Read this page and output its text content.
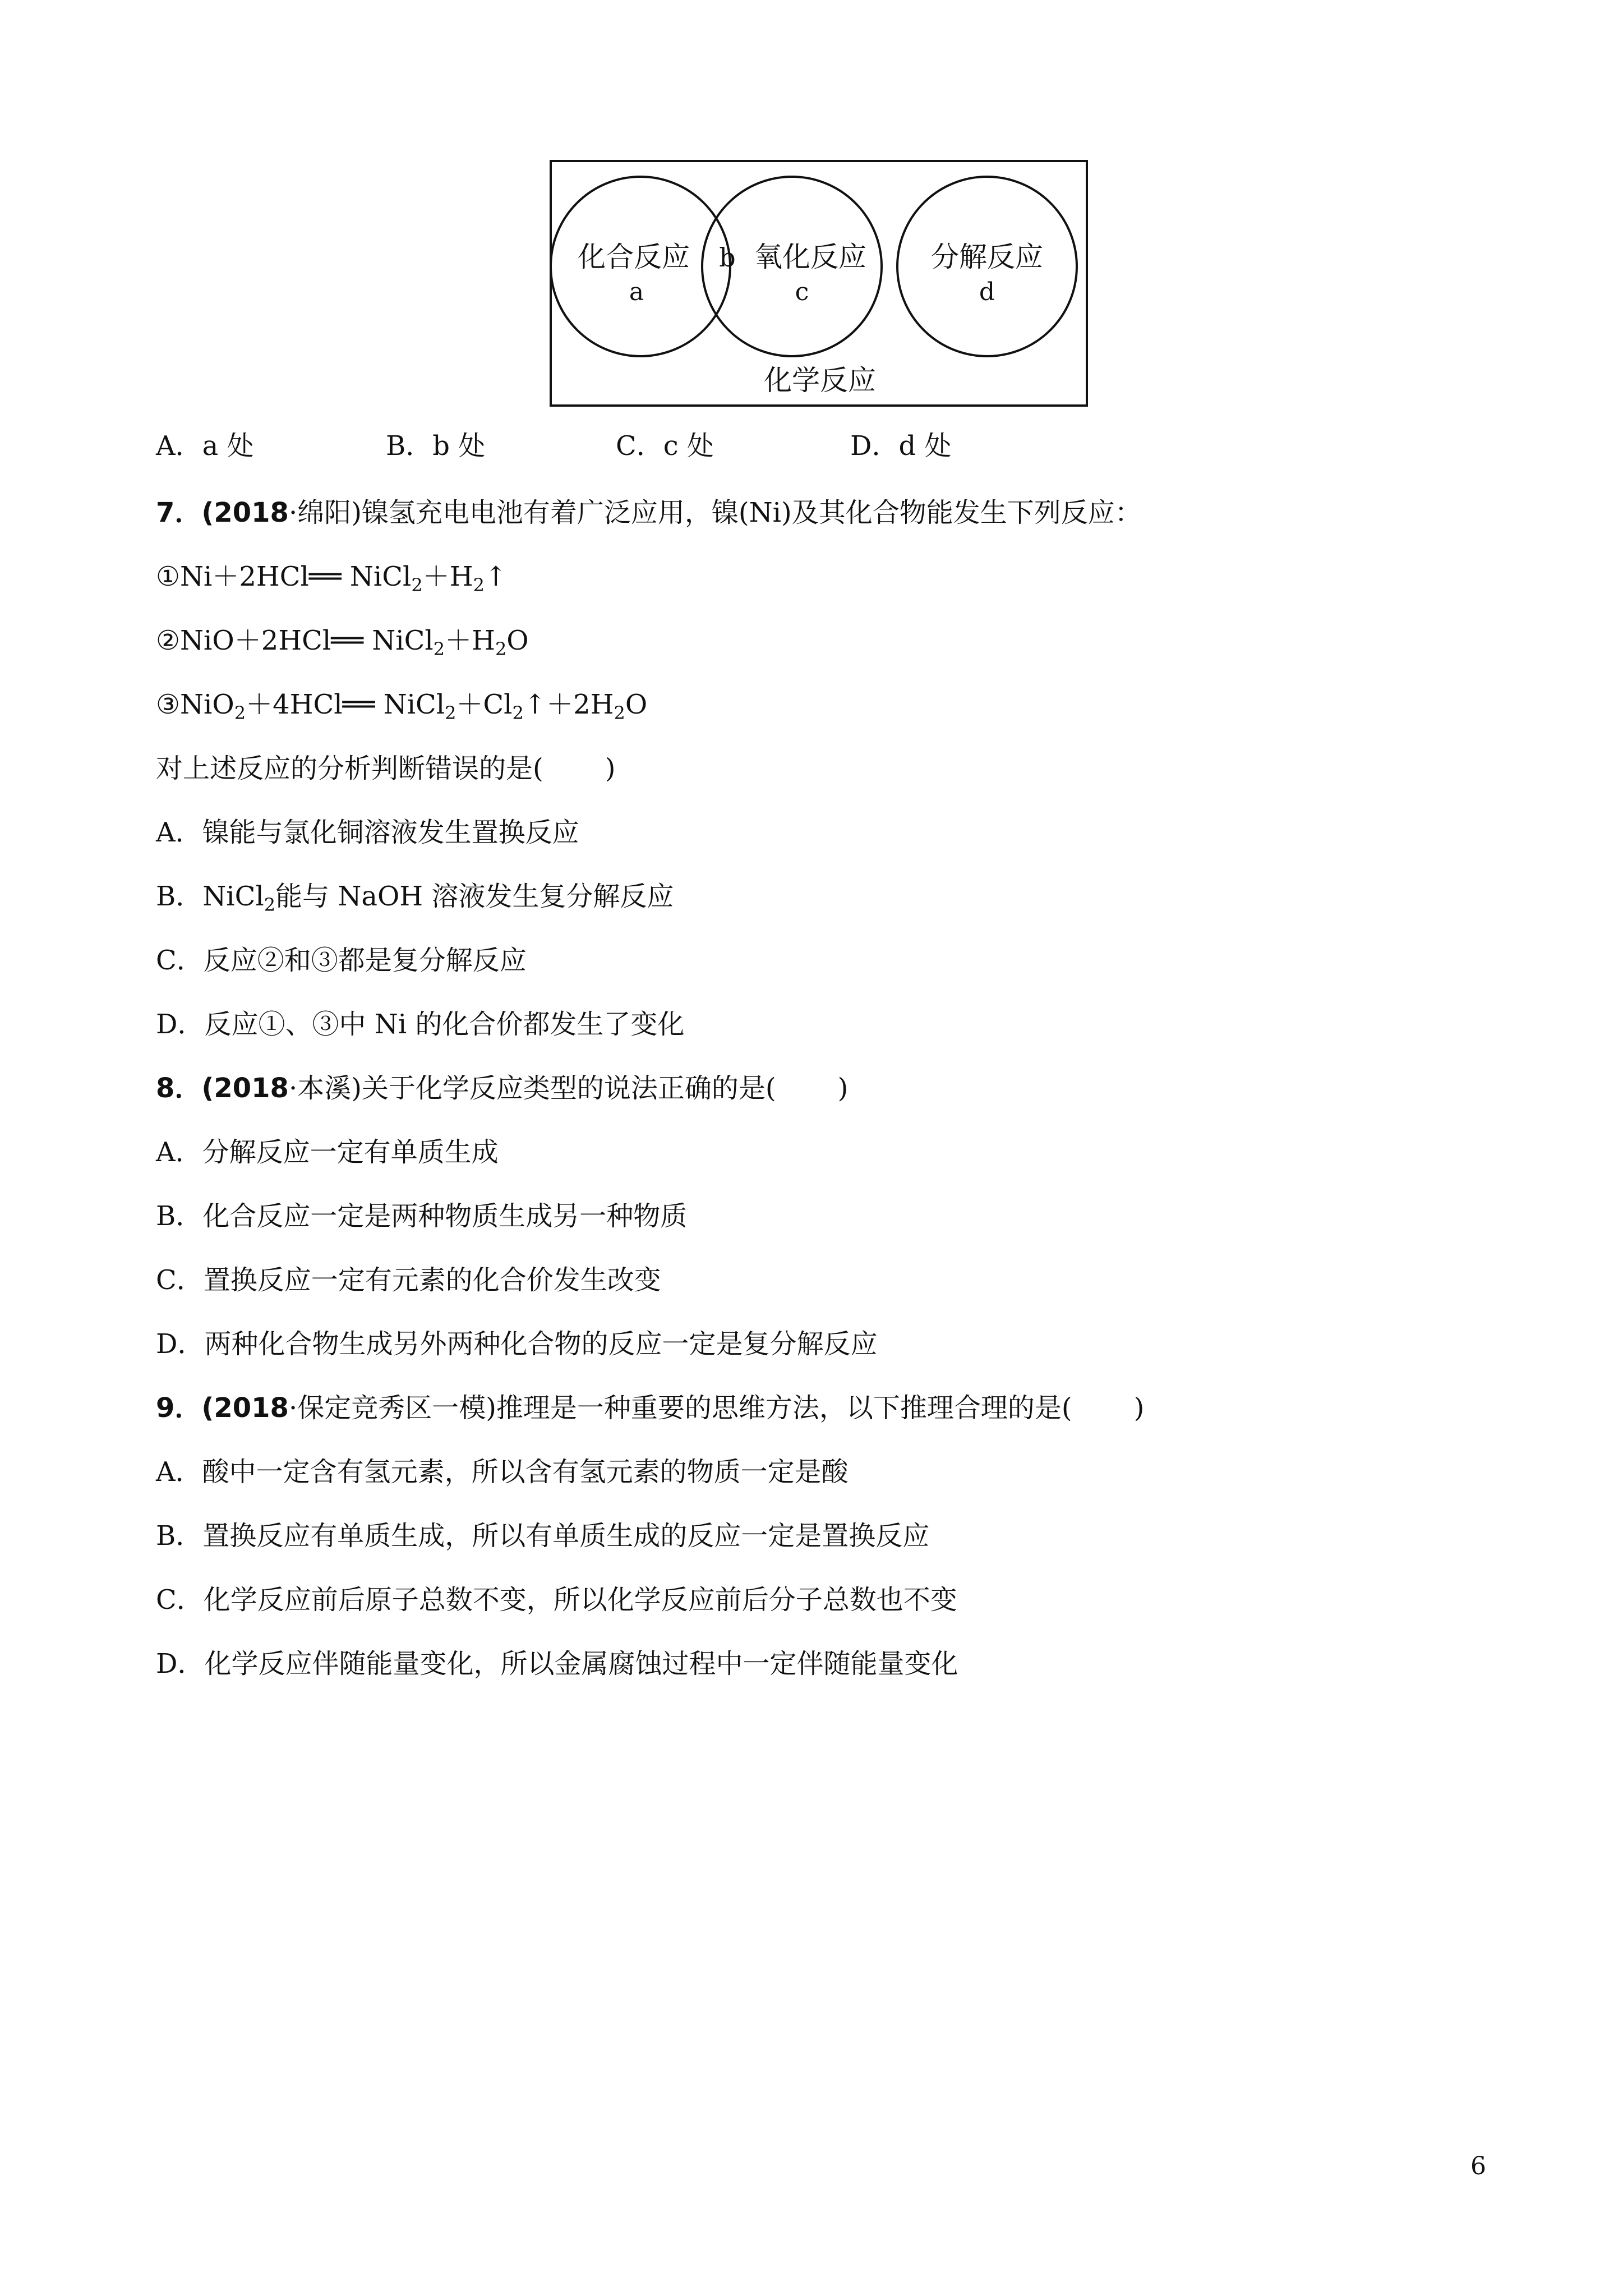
化合反应
a
b 氧化反应
c
分解反应
d
化学反应
A．a 处	B．b 处	C．c 处	D．d 处
7．(2018·绵阳)镍氢充电电池有着广泛应用，镍(Ni)及其化合物能发生下列反应：
①Ni＋2HCl══ $NiCl_2+H_2↑$
②NiO＋2HCl══ $NiCl_2+H_2O$
③NiO$_2$＋4HCl══ $NiCl_2+Cl_2↑+2H_2O$
对上述反应的分析判断错误的是( )
A．镍能与氯化铜溶液发生置换反应
B．NiCl$_2$能与 NaOH 溶液发生复分解反应
C．反应②和③都是复分解反应
D．反应①、③中 Ni 的化合价都发生了变化
8．(2018·本溪)关于化学反应类型的说法正确的是( )
A．分解反应一定有单质生成
B．化合反应一定是两种物质生成另一种物质
C．置换反应一定有元素的化合价发生改变
D．两种化合物生成另外两种化合物的反应一定是复分解反应
9．(2018·保定竞秀区一模)推理是一种重要的思维方法，以下推理合理的是( )
A．酸中一定含有氢元素，所以含有氢元素的物质一定是酸
B．置换反应有单质生成，所以有单质生成的反应一定是置换反应
C．化学反应前后原子总数不变，所以化学反应前后分子总数也不变
D．化学反应伴随能量变化，所以金属腐蚀过程中一定伴随能量变化
6
